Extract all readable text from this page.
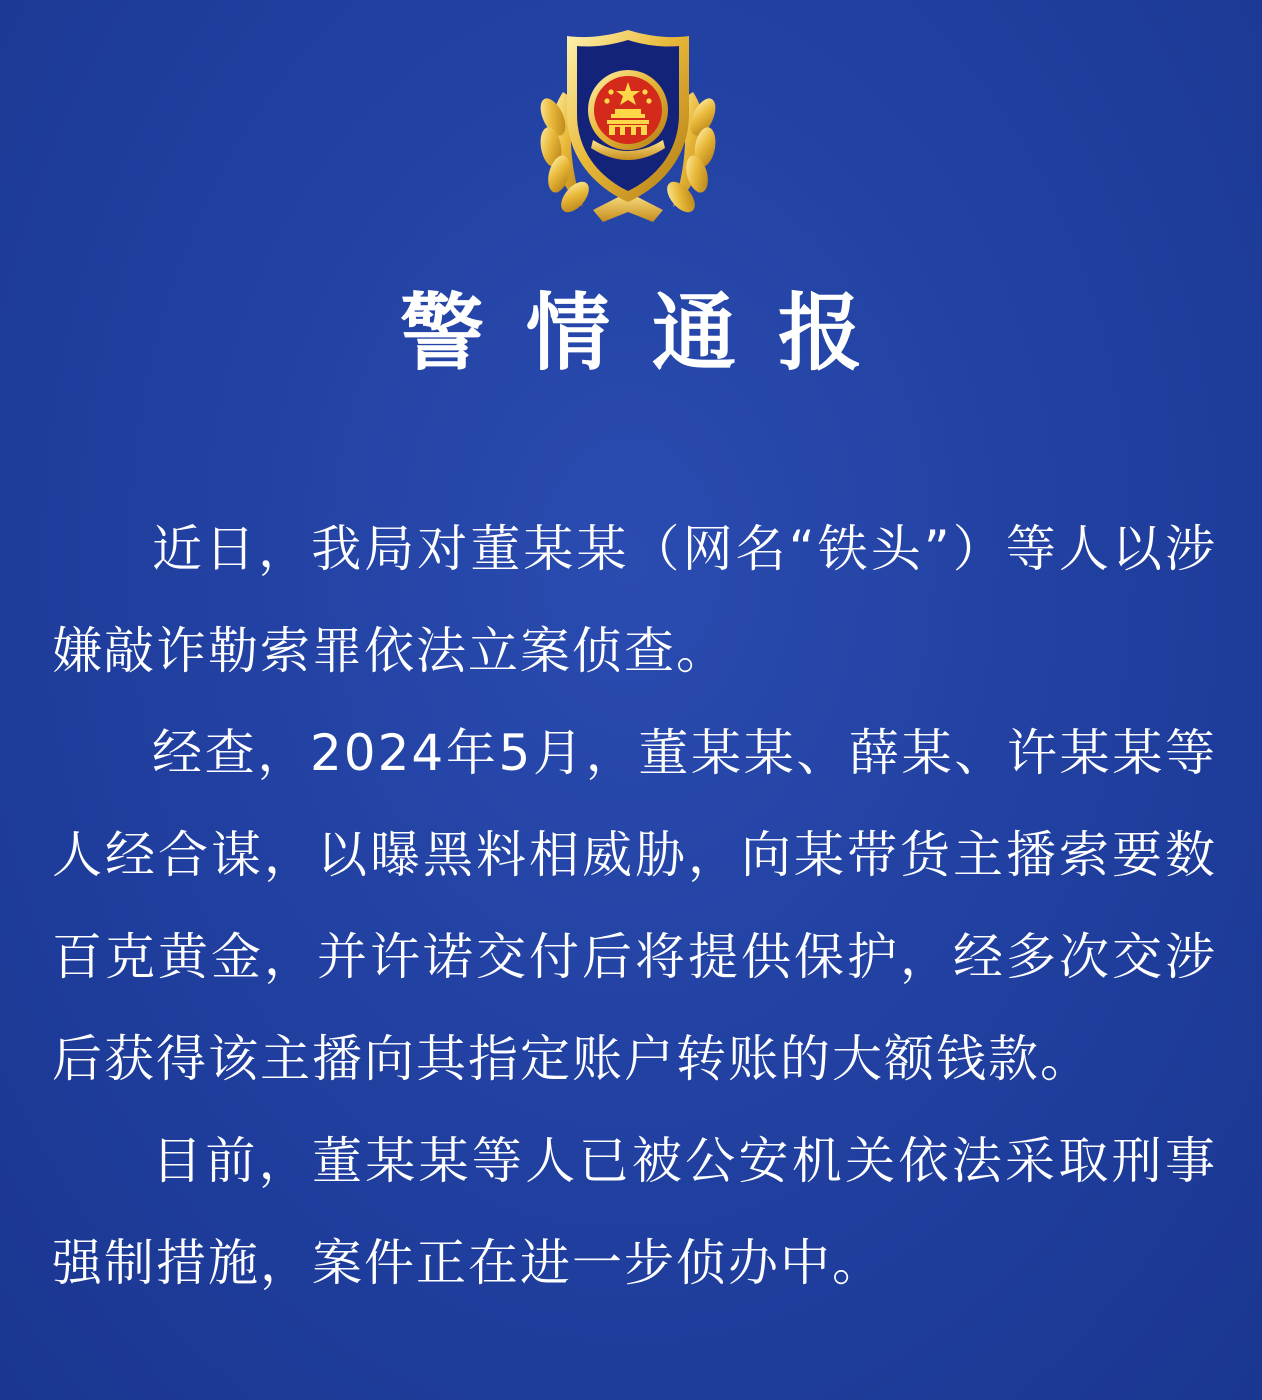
警情通报

近日，我局对董某某（网名“铁头”）等人以涉嫌敲诈勒索罪依法立案侦查。

经查，2024年5月，董某某、薛某、许某某等人经合谋，以曝黑料相威胁，向某带货主播索要数百克黄金，并许诺交付后将提供保护，经多次交涉后获得该主播向其指定账户转账的大额钱款。

目前，董某某等人已被公安机关依法采取刑事强制措施，案件正在进一步侦办中。
